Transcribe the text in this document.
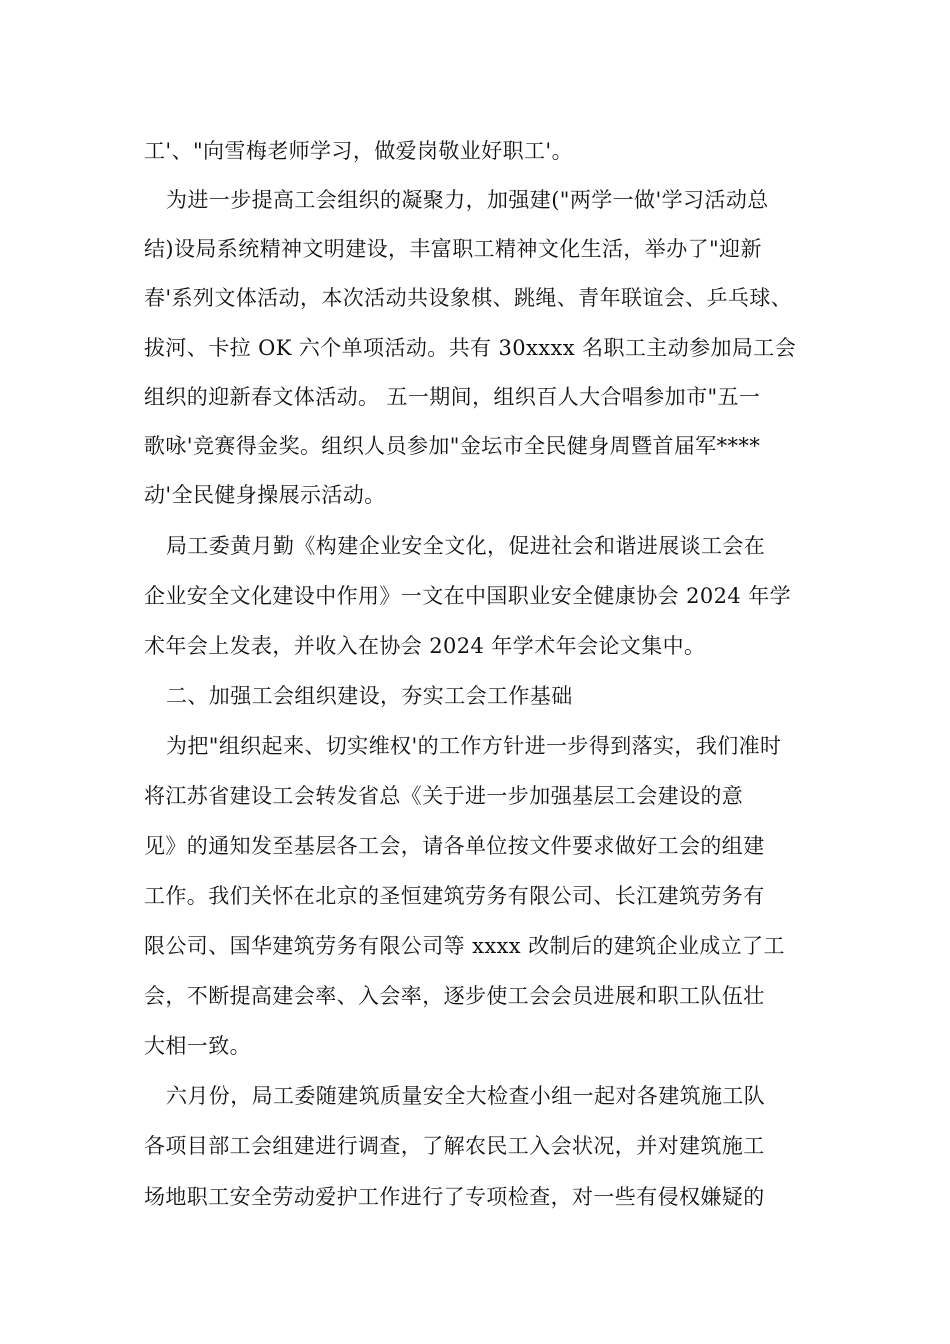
工'、"向雪梅老师学习，做爱岗敬业好职工'。
为进一步提高工会组织的凝聚力，加强建("两学一做'学习活动总
结)设局系统精神文明建设，丰富职工精神文化生活，举办了"迎新
春'系列文体活动，本次活动共设象棋、跳绳、青年联谊会、乒乓球、
拔河、卡拉 OK 六个单项活动。共有 30xxxx 名职工主动参加局工会
组织的迎新春文体活动。 五一期间，组织百人大合唱参加市"五一
歌咏'竞赛得金奖。组织人员参加"金坛市全民健身周暨首届军****
动'全民健身操展示活动。
局工委黄月勤《构建企业安全文化，促进社会和谐进展谈工会在
企业安全文化建设中作用》一文在中国职业安全健康协会 2024 年学
术年会上发表，并收入在协会 2024 年学术年会论文集中。
二、加强工会组织建设，夯实工会工作基础
为把"组织起来、切实维权'的工作方针进一步得到落实，我们准时
将江苏省建设工会转发省总《关于进一步加强基层工会建设的意
见》的通知发至基层各工会，请各单位按文件要求做好工会的组建
工作。我们关怀在北京的圣恒建筑劳务有限公司、长江建筑劳务有
限公司、国华建筑劳务有限公司等 xxxx 改制后的建筑企业成立了工
会，不断提高建会率、入会率，逐步使工会会员进展和职工队伍壮
大相一致。
六月份，局工委随建筑质量安全大检查小组一起对各建筑施工队
各项目部工会组建进行调查，了解农民工入会状况，并对建筑施工
场地职工安全劳动爱护工作进行了专项检查，对一些有侵权嫌疑的
